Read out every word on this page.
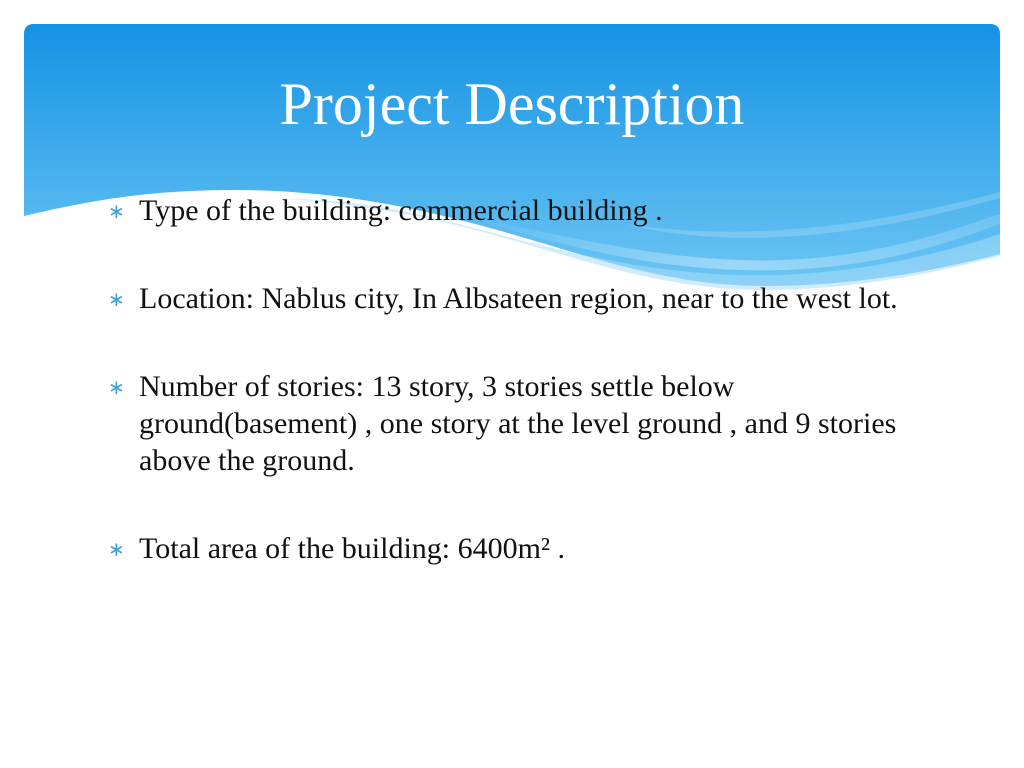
Project Description
∗ Type of the building: commercial building .
∗ Location: Nablus city, In Albsateen region, near to the west lot.
∗ Number of stories: 13 story, 3 stories settle below ground(basement) , one story at the level ground , and 9 stories above the ground.
∗ Total area of the building: 6400m² .
